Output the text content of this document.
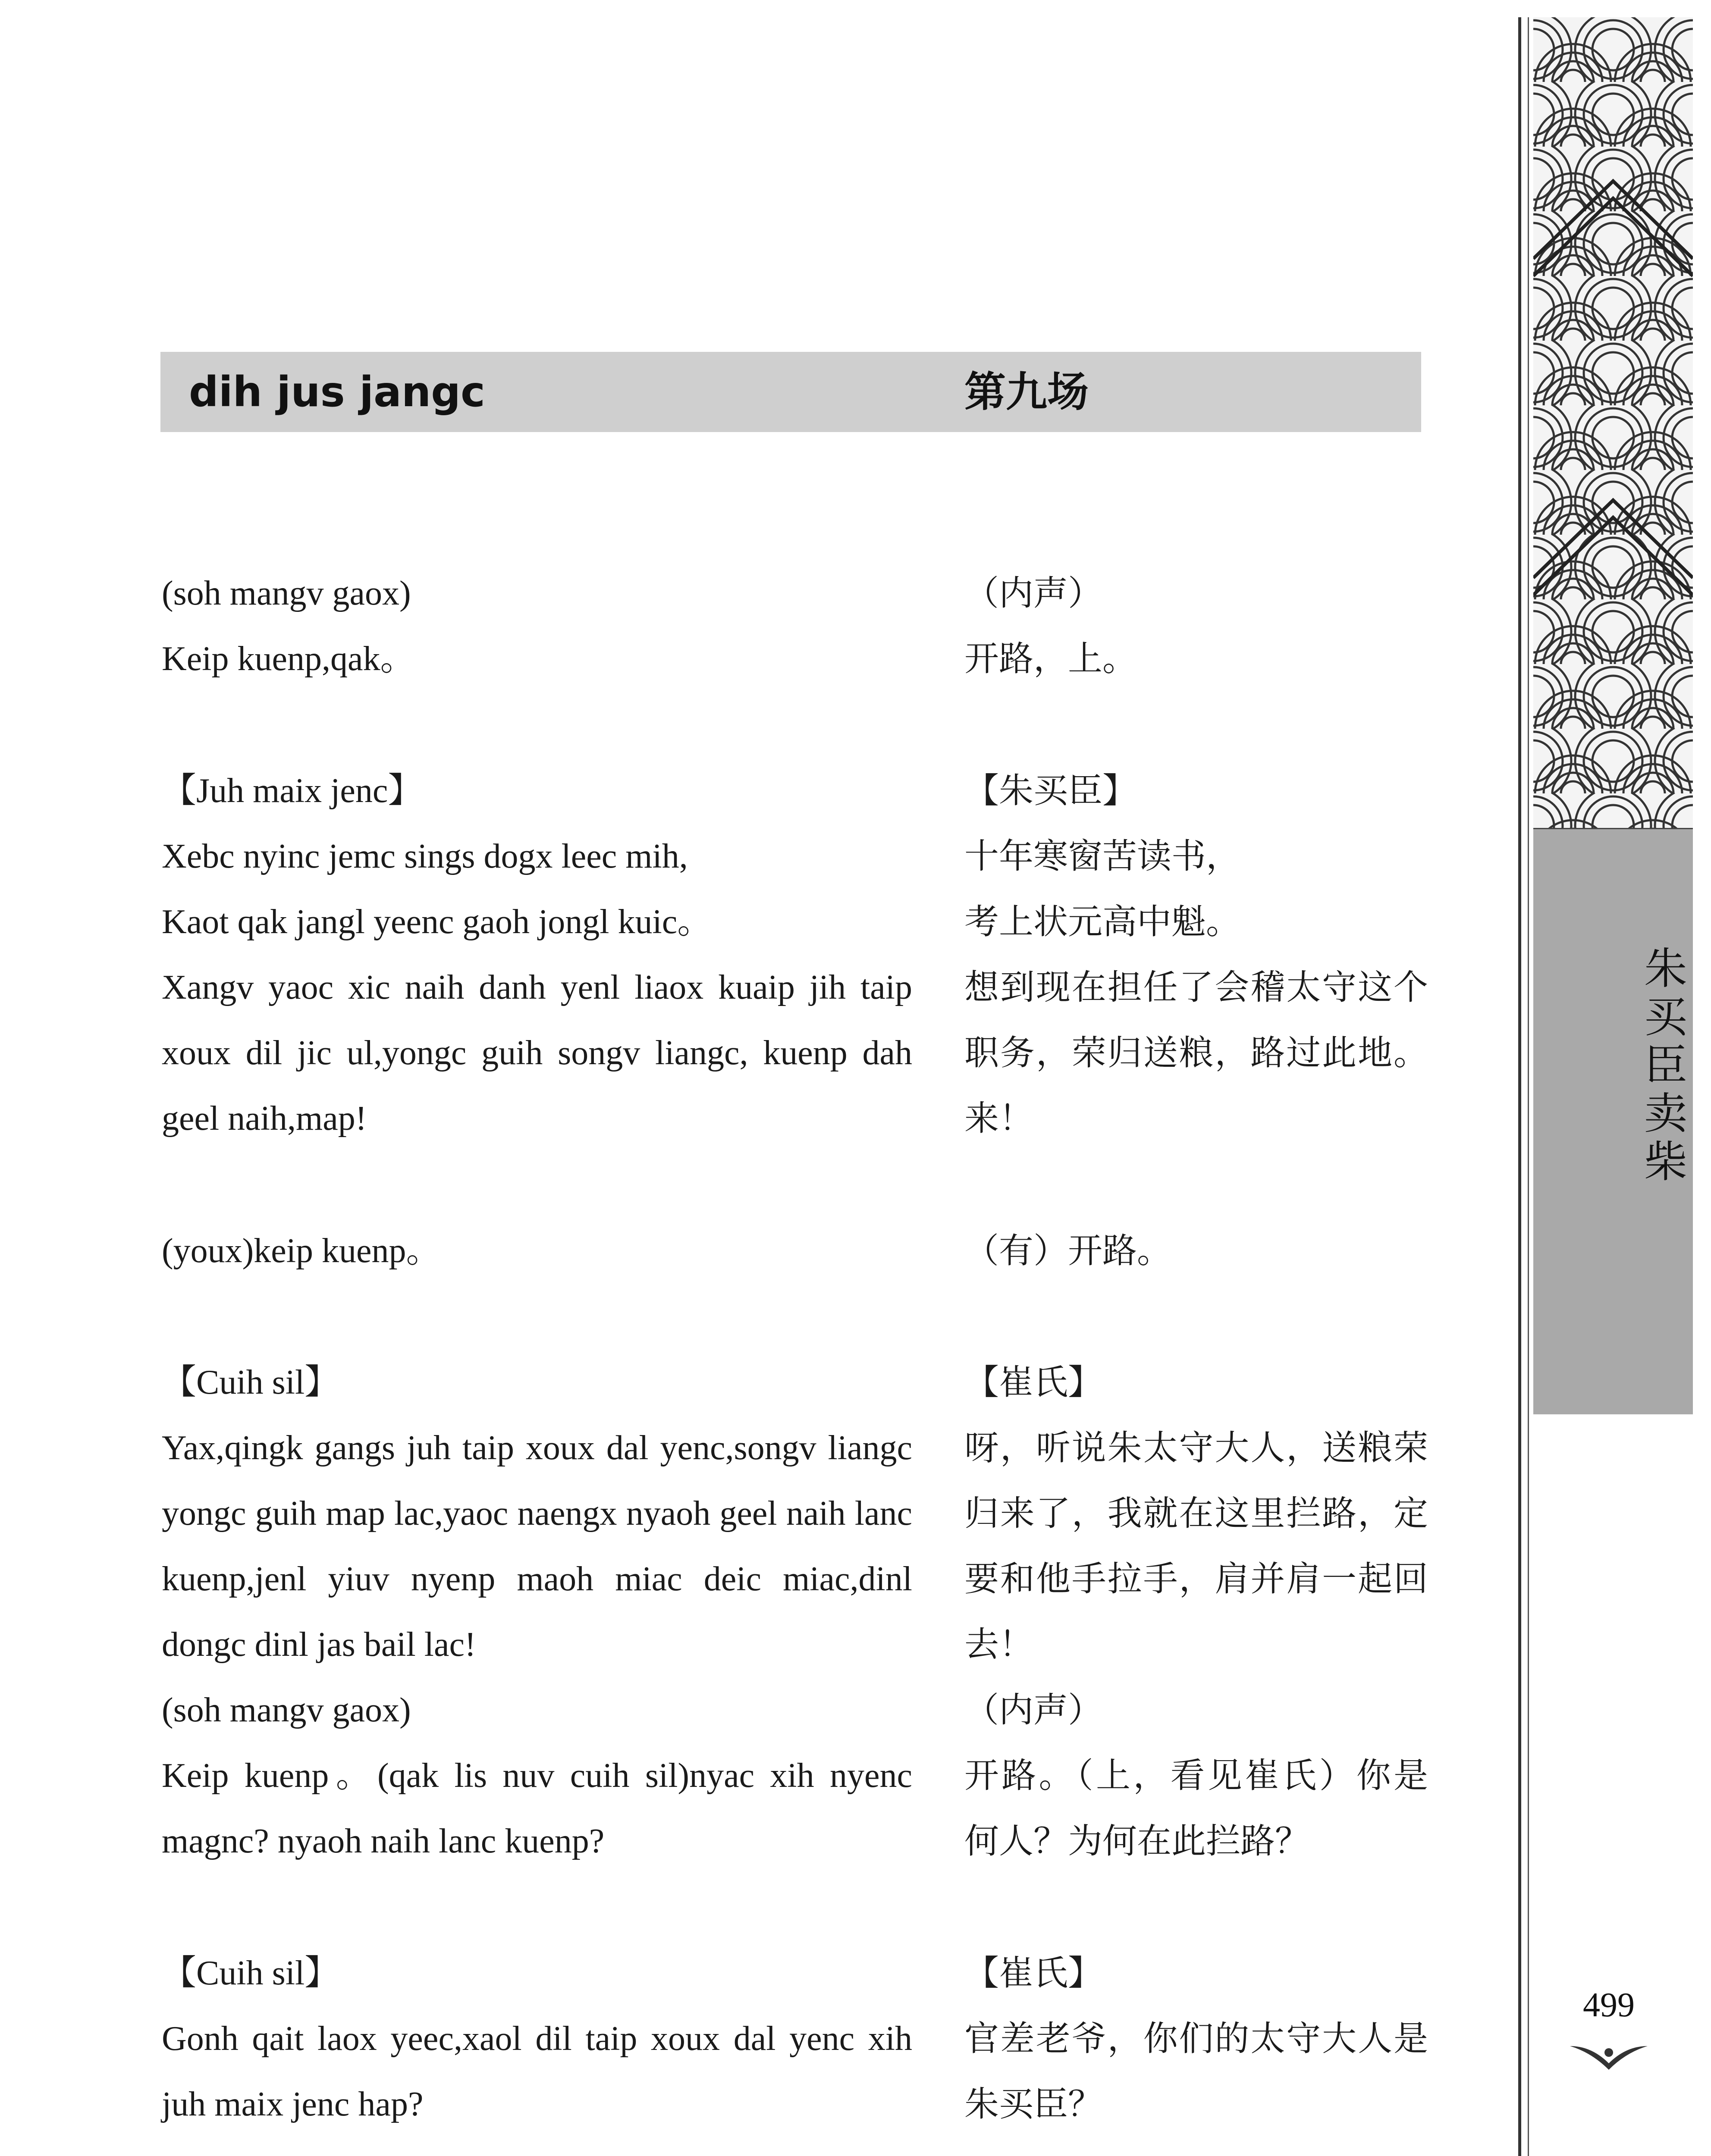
dih jus jangc	第九场
(soh mangv gaox)
Keip kuenp,qak。
（内声）
开路，上。
【Juh maix jenc】
Xebc nyinc jemc sings dogx leec mih,
Kaot qak jangl yeenc gaoh jongl kuic。
Xangv yaoc xic naih danh yenl liaox kuaip jih taip xoux dil jic ul,yongc guih songv liangc, kuenp dah geel naih,map!
【朱买臣】
十年寒窗苦读书，
考上状元高中魁。
想到现在担任了会稽太守这个职务，荣归送粮，路过此地。来！
(youx)keip kuenp。	（有）开路。
【Cuih sil】
Yax,qingk gangs juh taip xoux dal yenc,songv liangc yongc guih map lac,yaoc naengx nyaoh geel naih lanc kuenp,jenl yiuv nyenp maoh miac deic miac,dinl dongc dinl jas bail lac!
(soh mangv gaox)
Keip kuenp。(qak lis nuv cuih sil)nyac xih nyenc magnc? nyaoh naih lanc kuenp?
【崔氏】
呀，听说朱太守大人，送粮荣归来了，我就在这里拦路，定要和他手拉手，肩并肩一起回去！
（内声）
开路。（上，看见崔氏）你是何人？为何在此拦路？
【Cuih sil】
Gonh qait laox yeec,xaol dil taip xoux dal yenc xih juh maix jenc hap?
【崔氏】
官差老爷，你们的太守大人是朱买臣？
朱买臣卖柴
499
